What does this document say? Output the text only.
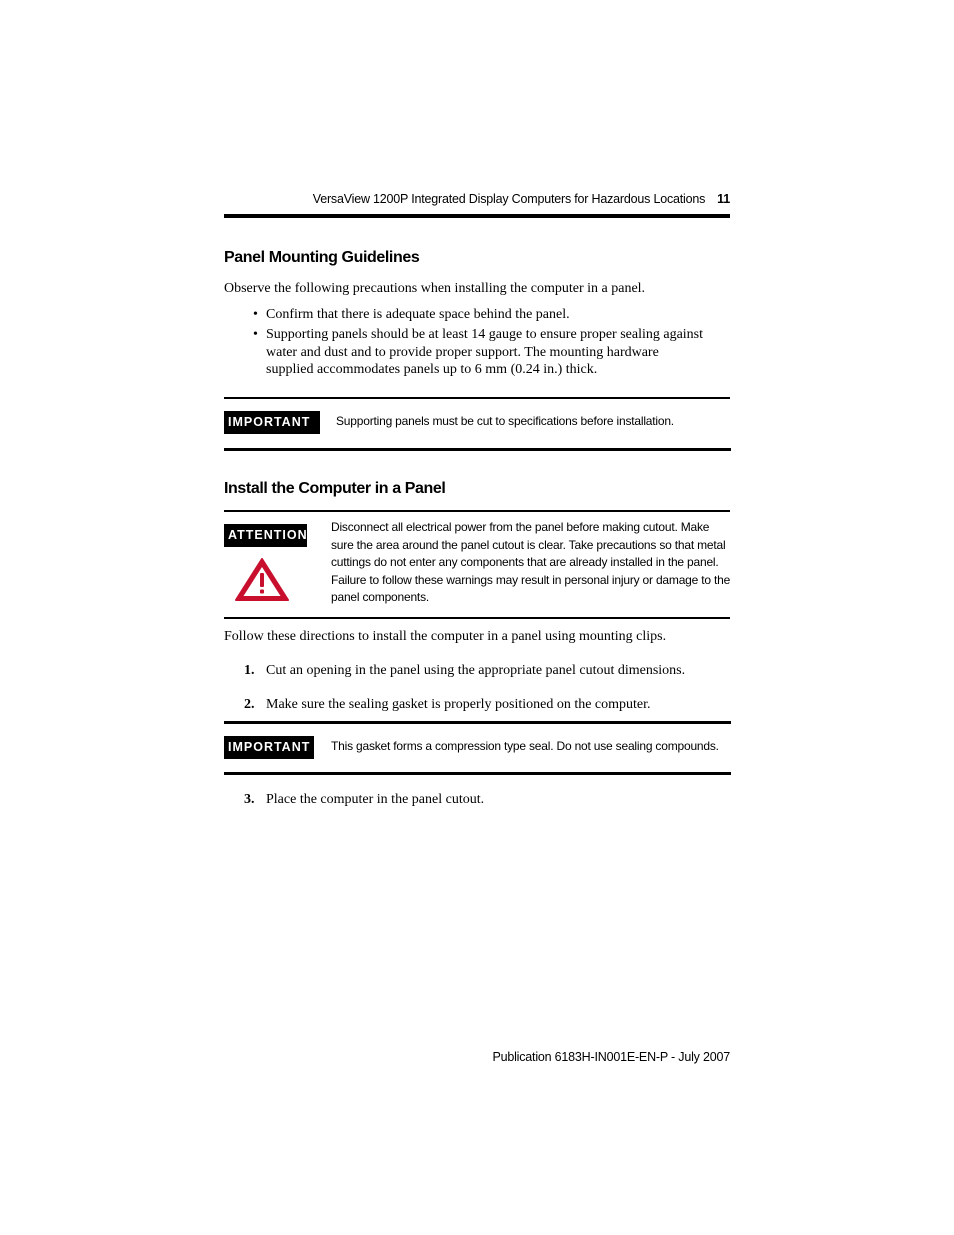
VersaView 1200P Integrated Display Computers for Hazardous Locations 11
Panel Mounting Guidelines
Observe the following precautions when installing the computer in a panel.
• Confirm that there is adequate space behind the panel.
• Supporting panels should be at least 14 gauge to ensure proper sealing against water and dust and to provide proper support. The mounting hardware supplied accommodates panels up to 6 mm (0.24 in.) thick.
IMPORTANT	Supporting panels must be cut to specifications before installation.
Install the Computer in a Panel
ATTENTION
Disconnect all electrical power from the panel before making cutout. Make sure the area around the panel cutout is clear. Take precautions so that metal cuttings do not enter any components that are already installed in the panel. Failure to follow these warnings may result in personal injury or damage to the panel components.
Follow these directions to install the computer in a panel using mounting clips.
1. Cut an opening in the panel using the appropriate panel cutout dimensions.
2. Make sure the sealing gasket is properly positioned on the computer.
IMPORTANT	This gasket forms a compression type seal. Do not use sealing compounds.
3. Place the computer in the panel cutout.
Publication 6183H-IN001E-EN-P - July 2007
